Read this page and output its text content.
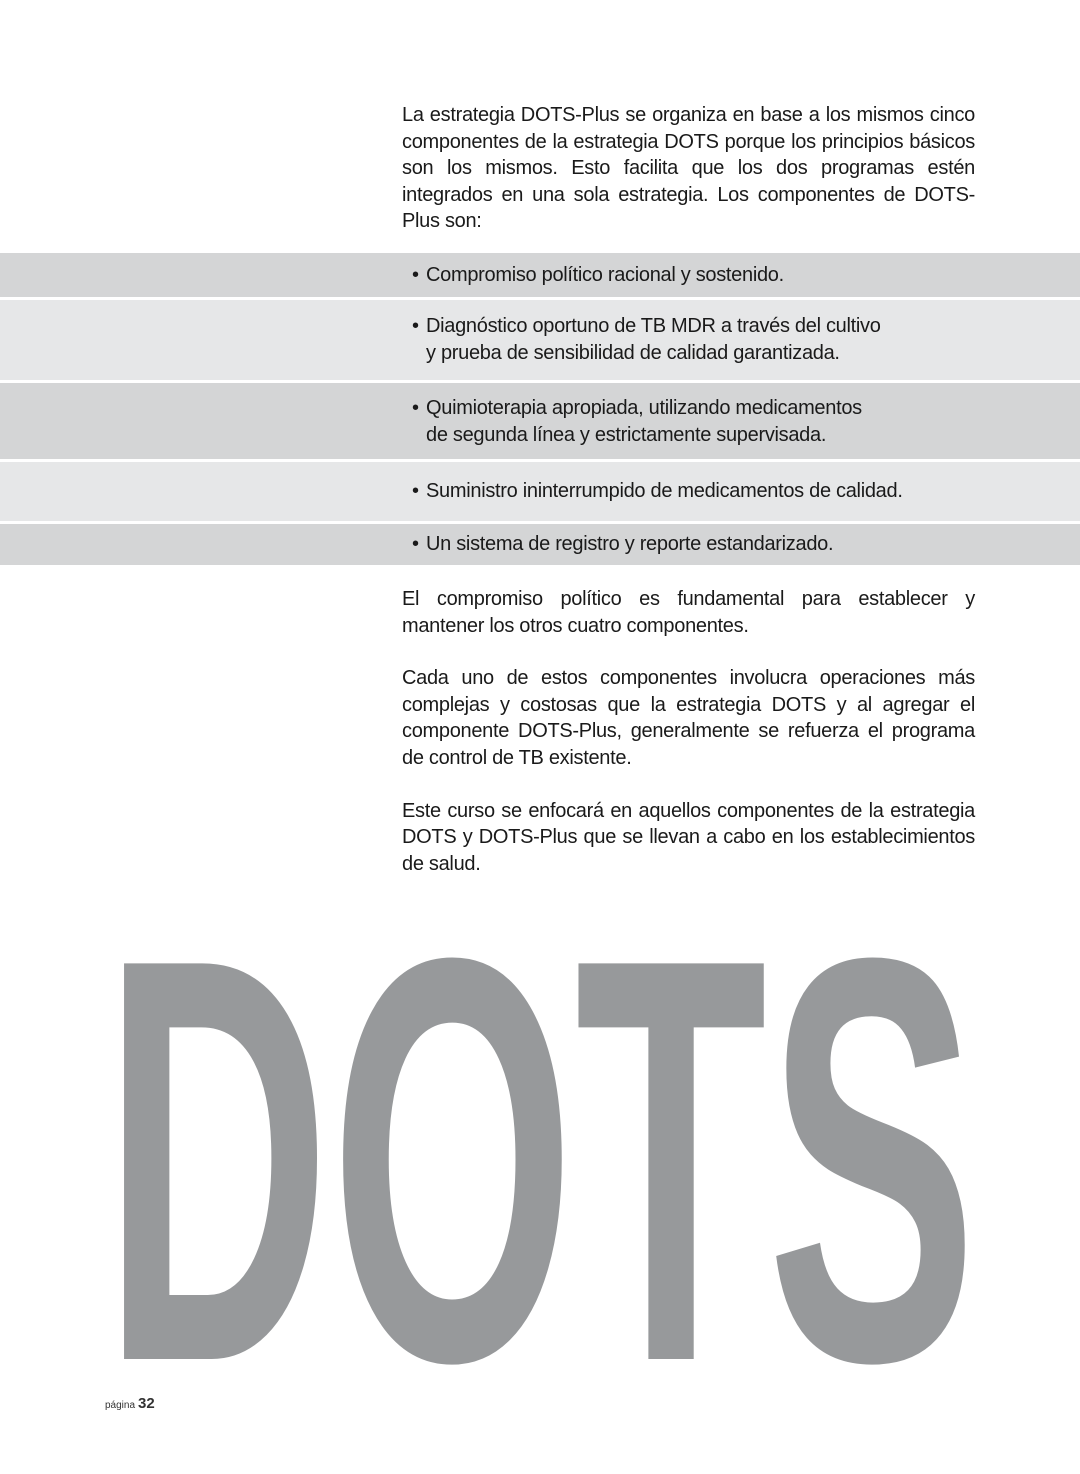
La estrategia DOTS-Plus se organiza en base a los mismos cinco componentes de la estrategia DOTS porque los principios básicos son los mismos. Esto facilita que los dos programas estén integrados en una sola estrategia. Los componentes de DOTS-Plus son:

• Compromiso político racional y sostenido.
• Diagnóstico oportuno de TB MDR a través del cultivo
y prueba de sensibilidad de calidad garantizada.
• Quimioterapia apropiada, utilizando medicamentos
de segunda línea y estrictamente supervisada.
• Suministro ininterrumpido de medicamentos de calidad.
• Un sistema de registro y reporte estandarizado.

El compromiso político es fundamental para establecer y mantener los otros cuatro componentes.

Cada uno de estos componentes involucra operaciones más complejas y costosas que la estrategia DOTS y al agregar el componente DOTS-Plus, generalmente se refuerza el programa de control de TB existente.

Este curso se enfocará en aquellos componentes de la estrategia DOTS y DOTS-Plus que se llevan a cabo en los establecimientos de salud.

DOTS
página 32
